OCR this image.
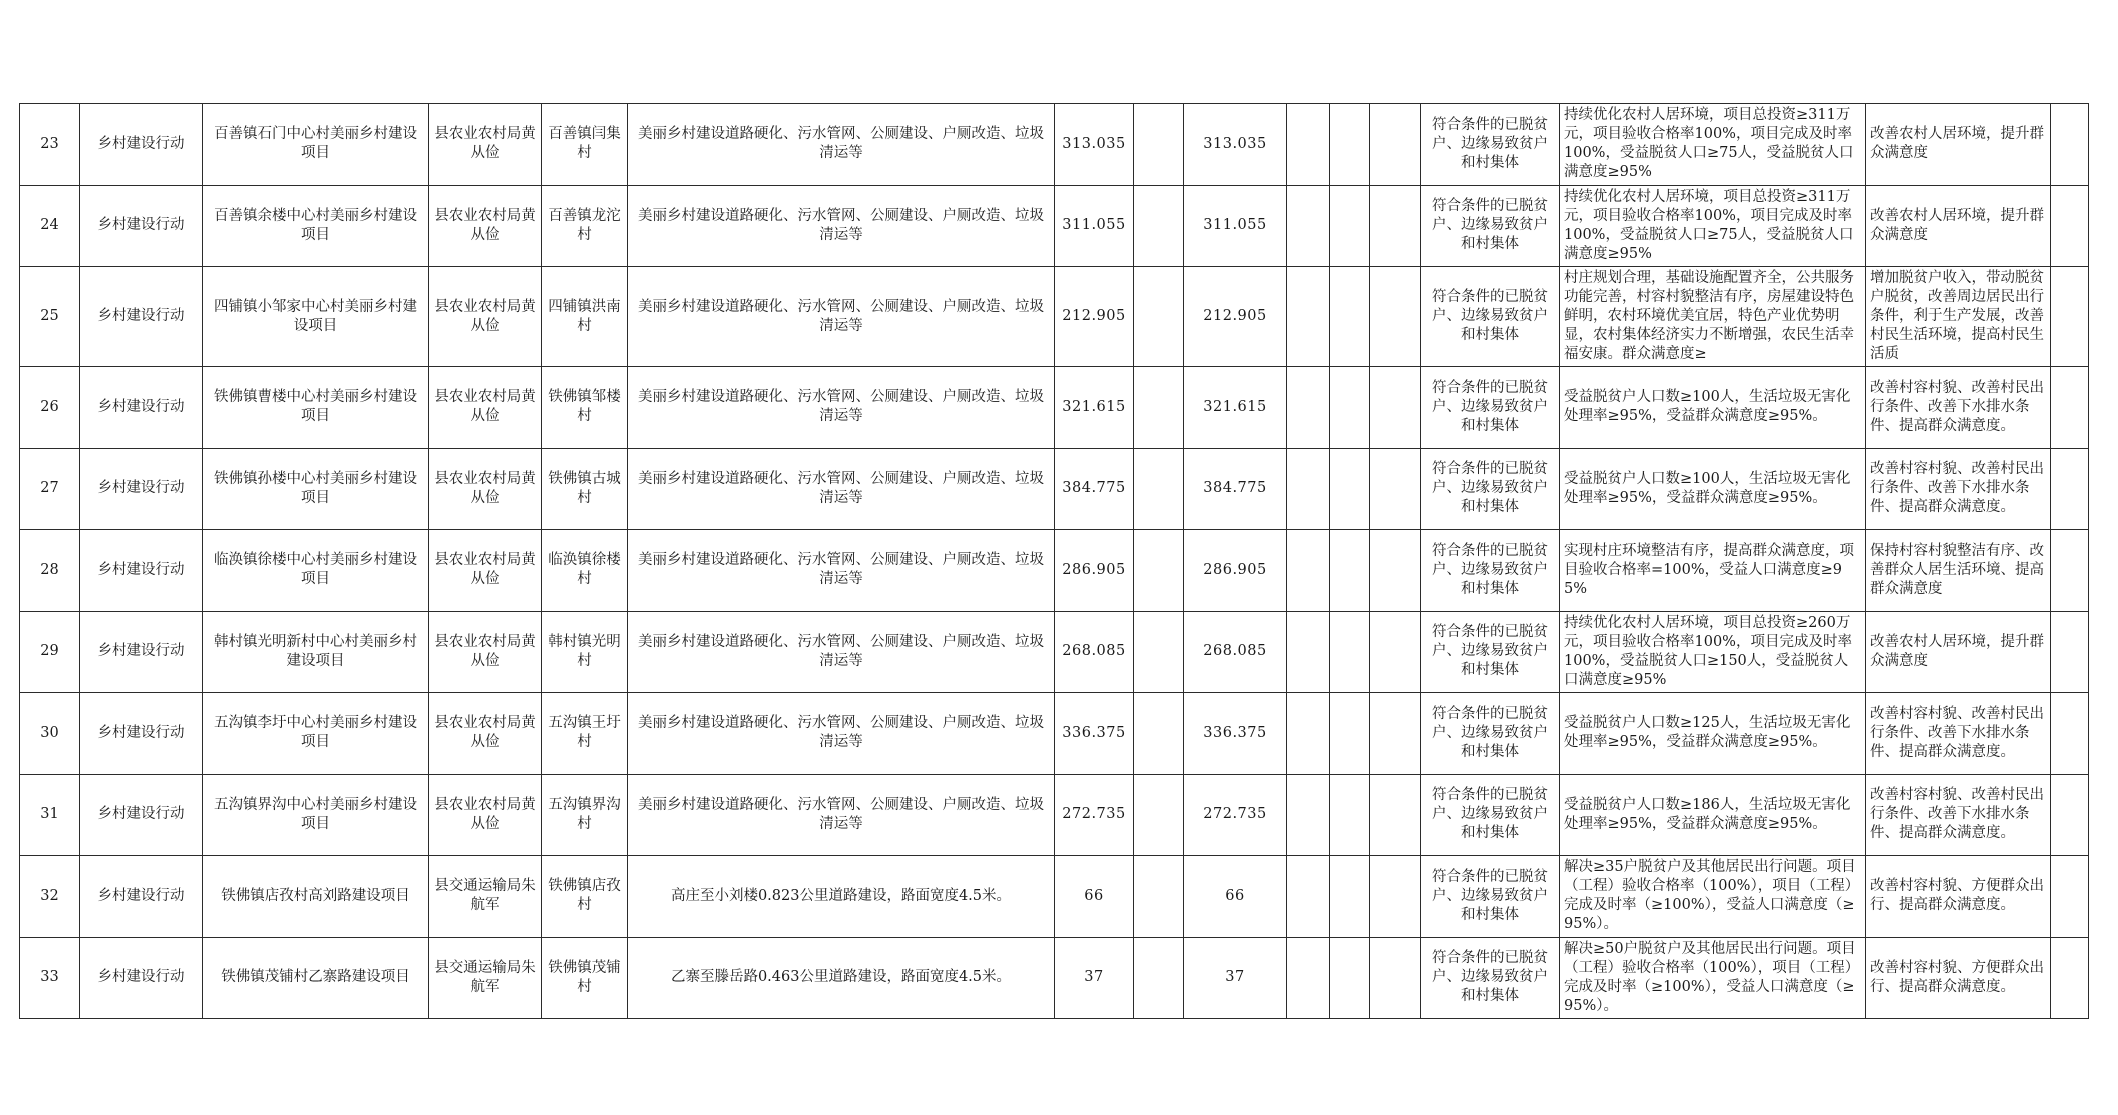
23	乡村建设行动	百善镇石门中心村美丽乡村建设项目	县农业农村局黄从俭	百善镇闫集村	美丽乡村建设道路硬化、污水管网、公厕建设、户厕改造、垃圾清运等	313.035		313.035				符合条件的已脱贫户、边缘易致贫户和村集体	持续优化农村人居环境，项目总投资≥311万元，项目验收合格率100%，项目完成及时率100%，受益脱贫人口≥75人，受益脱贫人口满意度≥95%	改善农村人居环境，提升群众满意度	
24	乡村建设行动	百善镇余楼中心村美丽乡村建设项目	县农业农村局黄从俭	百善镇龙沱村	美丽乡村建设道路硬化、污水管网、公厕建设、户厕改造、垃圾清运等	311.055		311.055				符合条件的已脱贫户、边缘易致贫户和村集体	持续优化农村人居环境，项目总投资≥311万元，项目验收合格率100%，项目完成及时率100%，受益脱贫人口≥75人，受益脱贫人口满意度≥95%	改善农村人居环境，提升群众满意度	
25	乡村建设行动	四铺镇小邹家中心村美丽乡村建设项目	县农业农村局黄从俭	四铺镇洪南村	美丽乡村建设道路硬化、污水管网、公厕建设、户厕改造、垃圾清运等	212.905		212.905				符合条件的已脱贫户、边缘易致贫户和村集体	村庄规划合理，基础设施配置齐全，公共服务功能完善，村容村貌整洁有序，房屋建设特色鲜明，农村环境优美宜居，特色产业优势明显，农村集体经济实力不断增强，农民生活幸福安康。群众满意度≥	增加脱贫户收入，带动脱贫户脱贫，改善周边居民出行条件，利于生产发展，改善村民生活环境，提高村民生活质	
26	乡村建设行动	铁佛镇曹楼中心村美丽乡村建设项目	县农业农村局黄从俭	铁佛镇邹楼村	美丽乡村建设道路硬化、污水管网、公厕建设、户厕改造、垃圾清运等	321.615		321.615				符合条件的已脱贫户、边缘易致贫户和村集体	受益脱贫户人口数≥100人，生活垃圾无害化处理率≥95%，受益群众满意度≥95%。	改善村容村貌、改善村民出行条件、改善下水排水条件、提高群众满意度。	
27	乡村建设行动	铁佛镇孙楼中心村美丽乡村建设项目	县农业农村局黄从俭	铁佛镇古城村	美丽乡村建设道路硬化、污水管网、公厕建设、户厕改造、垃圾清运等	384.775		384.775				符合条件的已脱贫户、边缘易致贫户和村集体	受益脱贫户人口数≥100人，生活垃圾无害化处理率≥95%，受益群众满意度≥95%。	改善村容村貌、改善村民出行条件、改善下水排水条件、提高群众满意度。	
28	乡村建设行动	临涣镇徐楼中心村美丽乡村建设项目	县农业农村局黄从俭	临涣镇徐楼村	美丽乡村建设道路硬化、污水管网、公厕建设、户厕改造、垃圾清运等	286.905		286.905				符合条件的已脱贫户、边缘易致贫户和村集体	实现村庄环境整洁有序，提高群众满意度，项目验收合格率=100%，受益人口满意度≥95%	保持村容村貌整洁有序、改善群众人居生活环境、提高群众满意度	
29	乡村建设行动	韩村镇光明新村中心村美丽乡村建设项目	县农业农村局黄从俭	韩村镇光明村	美丽乡村建设道路硬化、污水管网、公厕建设、户厕改造、垃圾清运等	268.085		268.085				符合条件的已脱贫户、边缘易致贫户和村集体	持续优化农村人居环境，项目总投资≥260万元，项目验收合格率100%，项目完成及时率100%，受益脱贫人口≥150人，受益脱贫人口满意度≥95%	改善农村人居环境，提升群众满意度	
30	乡村建设行动	五沟镇李圩中心村美丽乡村建设项目	县农业农村局黄从俭	五沟镇王圩村	美丽乡村建设道路硬化、污水管网、公厕建设、户厕改造、垃圾清运等	336.375		336.375				符合条件的已脱贫户、边缘易致贫户和村集体	受益脱贫户人口数≥125人，生活垃圾无害化处理率≥95%，受益群众满意度≥95%。	改善村容村貌、改善村民出行条件、改善下水排水条件、提高群众满意度。	
31	乡村建设行动	五沟镇界沟中心村美丽乡村建设项目	县农业农村局黄从俭	五沟镇界沟村	美丽乡村建设道路硬化、污水管网、公厕建设、户厕改造、垃圾清运等	272.735		272.735				符合条件的已脱贫户、边缘易致贫户和村集体	受益脱贫户人口数≥186人，生活垃圾无害化处理率≥95%，受益群众满意度≥95%。	改善村容村貌、改善村民出行条件、改善下水排水条件、提高群众满意度。	
32	乡村建设行动	铁佛镇店孜村高刘路建设项目	县交通运输局朱航军	铁佛镇店孜村	高庄至小刘楼0.823公里道路建设，路面宽度4.5米。	66		66				符合条件的已脱贫户、边缘易致贫户和村集体	解决≥35户脱贫户及其他居民出行问题。项目（工程）验收合格率（100%），项目（工程）完成及时率（≥100%），受益人口满意度（≥95%）。	改善村容村貌、方便群众出行、提高群众满意度。	
33	乡村建设行动	铁佛镇茂铺村乙寨路建设项目	县交通运输局朱航军	铁佛镇茂铺村	乙寨至滕岳路0.463公里道路建设，路面宽度4.5米。	37		37				符合条件的已脱贫户、边缘易致贫户和村集体	解决≥50户脱贫户及其他居民出行问题。项目（工程）验收合格率（100%），项目（工程）完成及时率（≥100%），受益人口满意度（≥95%）。	改善村容村貌、方便群众出行、提高群众满意度。	
